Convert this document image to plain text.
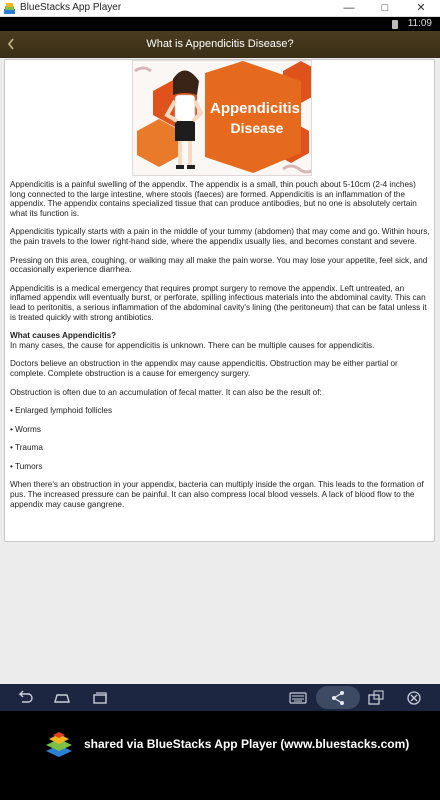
BlueStacks App Player	—	□	✕
11:09
What is Appendicitis Disease?
Appendicitis
Disease

Appendicitis is a painful swelling of the appendix. The appendix is a small, thin pouch about 5-10cm (2-4 inches) long connected to the large intestine, where stools (faeces) are formed. Appendicitis is an inflammation of the appendix. The appendix contains specialized tissue that can produce antibodies, but no one is absolutely certain what its function is.

Appendicitis typically starts with a pain in the middle of your tummy (abdomen) that may come and go. Within hours, the pain travels to the lower right-hand side, where the appendix usually lies, and becomes constant and severe.

Pressing on this area, coughing, or walking may all make the pain worse. You may lose your appetite, feel sick, and occasionally experience diarrhea.

Appendicitis is a medical emergency that requires prompt surgery to remove the appendix. Left untreated, an inflamed appendix will eventually burst, or perforate, spilling infectious materials into the abdominal cavity. This can lead to peritonitis, a serious inflammation of the abdominal cavity's lining (the peritoneum) that can be fatal unless it is treated quickly with strong antibiotics.

What causes Appendicitis?

In many cases, the cause for appendicitis is unknown. There can be multiple causes for appendicitis.

Doctors believe an obstruction in the appendix may cause appendicitis. Obstruction may be either partial or complete. Complete obstruction is a cause for emergency surgery.

Obstruction is often due to an accumulation of fecal matter. It can also be the result of:

• Enlarged lymphoid follicles

• Worms

• Trauma

• Tumors

When there's an obstruction in your appendix, bacteria can multiply inside the organ. This leads to the formation of pus. The increased pressure can be painful. It can also compress local blood vessels. A lack of blood flow to the appendix may cause gangrene.

shared via BlueStacks App Player (www.bluestacks.com)
